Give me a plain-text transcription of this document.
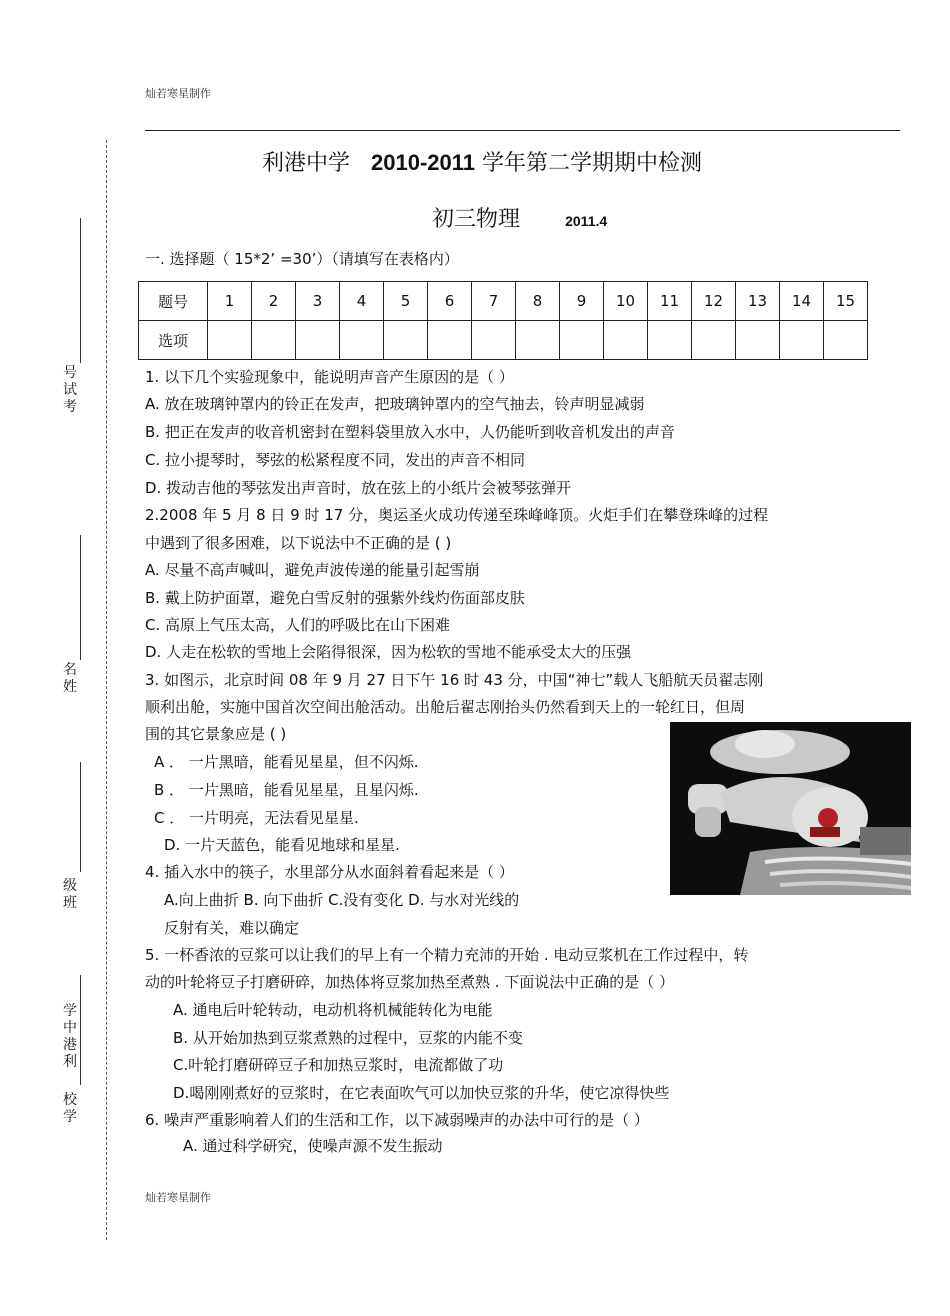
灿若寒星制作
号
试
考
名
姓
级
班
学
中
港
利
校
学
利港中学 2010-2011 学年第二学期期中检测
初三物理	2011.4
一. 选择题（ 15*2’ =30’）（请填写在表格内）
题号	1	2	3	4	5	6	7	8	9	10	11	12	13	14	15
选项															
1. 以下几个实验现象中，能说明声音产生原因的是（ ）
A. 放在玻璃钟罩内的铃正在发声，把玻璃钟罩内的空气抽去，铃声明显减弱
B. 把正在发声的收音机密封在塑料袋里放入水中，人仍能听到收音机发出的声音
C. 拉小提琴时，琴弦的松紧程度不同，发出的声音不相同
D. 拨动吉他的琴弦发出声音时，放在弦上的小纸片会被琴弦弹开
2.2008 年 5 月 8 日 9 时 17 分，奥运圣火成功传递至珠峰峰顶。火炬手们在攀登珠峰的过程
中遇到了很多困难，以下说法中不正确的是 ( )
A. 尽量不高声喊叫，避免声波传递的能量引起雪崩
B. 戴上防护面罩，避免白雪反射的强紫外线灼伤面部皮肤
C. 高原上气压太高，人们的呼吸比在山下困难
D. 人走在松软的雪地上会陷得很深，因为松软的雪地不能承受太大的压强
3. 如图示，北京时间 08 年 9 月 27 日下午 16 时 43 分，中国“神七”载人飞船航天员翟志刚
顺利出舱，实施中国首次空间出舱活动。出舱后翟志刚抬头仍然看到天上的一轮红日，但周
围的其它景象应是 ( )
A ． 一片黑暗，能看见星星，但不闪烁.
B ． 一片黑暗，能看见星星，且星闪烁.
C ． 一片明亮，无法看见星星.
D. 一片天蓝色，能看见地球和星星.
4. 插入水中的筷子，水里部分从水面斜着看起来是（ ）
A.向上曲折 B. 向下曲折 C.没有变化 D. 与水对光线的
反射有关，难以确定
5. 一杯香浓的豆浆可以让我们的早上有一个精力充沛的开始 . 电动豆浆机在工作过程中，转
动的叶轮将豆子打磨研碎，加热体将豆浆加热至煮熟 . 下面说法中正确的是（ ）
A. 通电后叶轮转动，电动机将机械能转化为电能
B. 从开始加热到豆浆煮熟的过程中，豆浆的内能不变
C.叶轮打磨研碎豆子和加热豆浆时，电流都做了功
D.喝刚刚煮好的豆浆时，在它表面吹气可以加快豆浆的升华，使它凉得快些
6. 噪声严重影响着人们的生活和工作，以下减弱噪声的办法中可行的是（ ）
A. 通过科学研究，使噪声源不发生振动
灿若寒星制作
